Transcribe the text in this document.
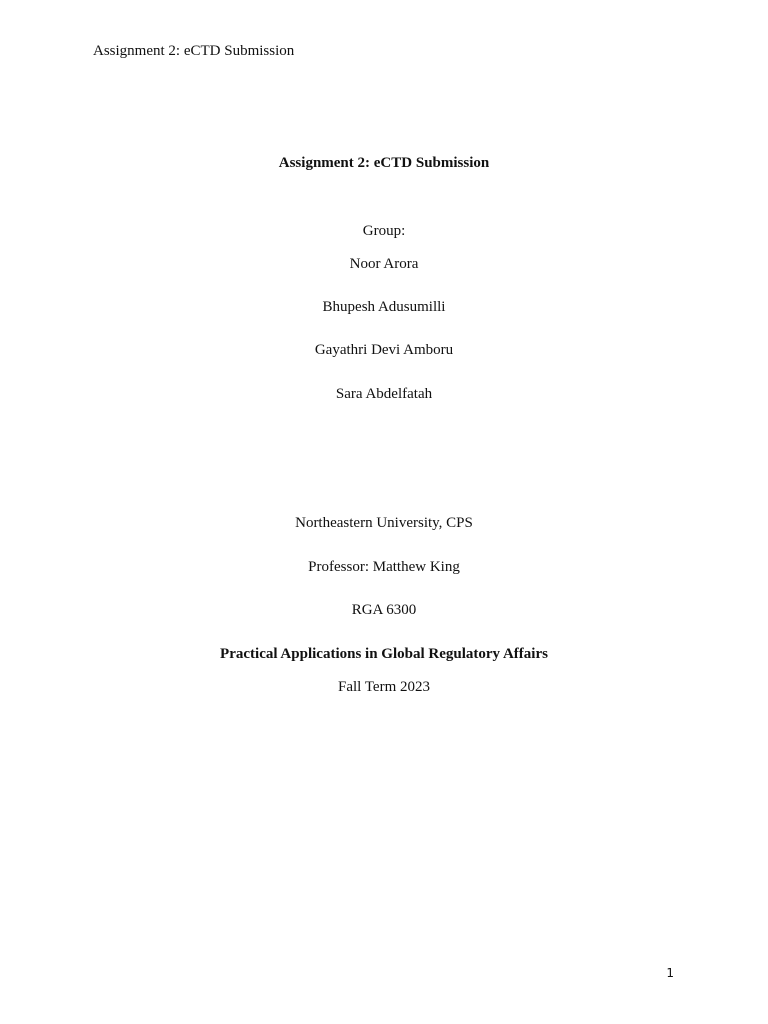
Assignment 2: eCTD Submission
Assignment 2: eCTD Submission
Group:
Noor Arora
Bhupesh Adusumilli
Gayathri Devi Amboru
Sara Abdelfatah
Northeastern University, CPS
Professor: Matthew King
RGA 6300
Practical Applications in Global Regulatory Affairs
Fall Term 2023
1
